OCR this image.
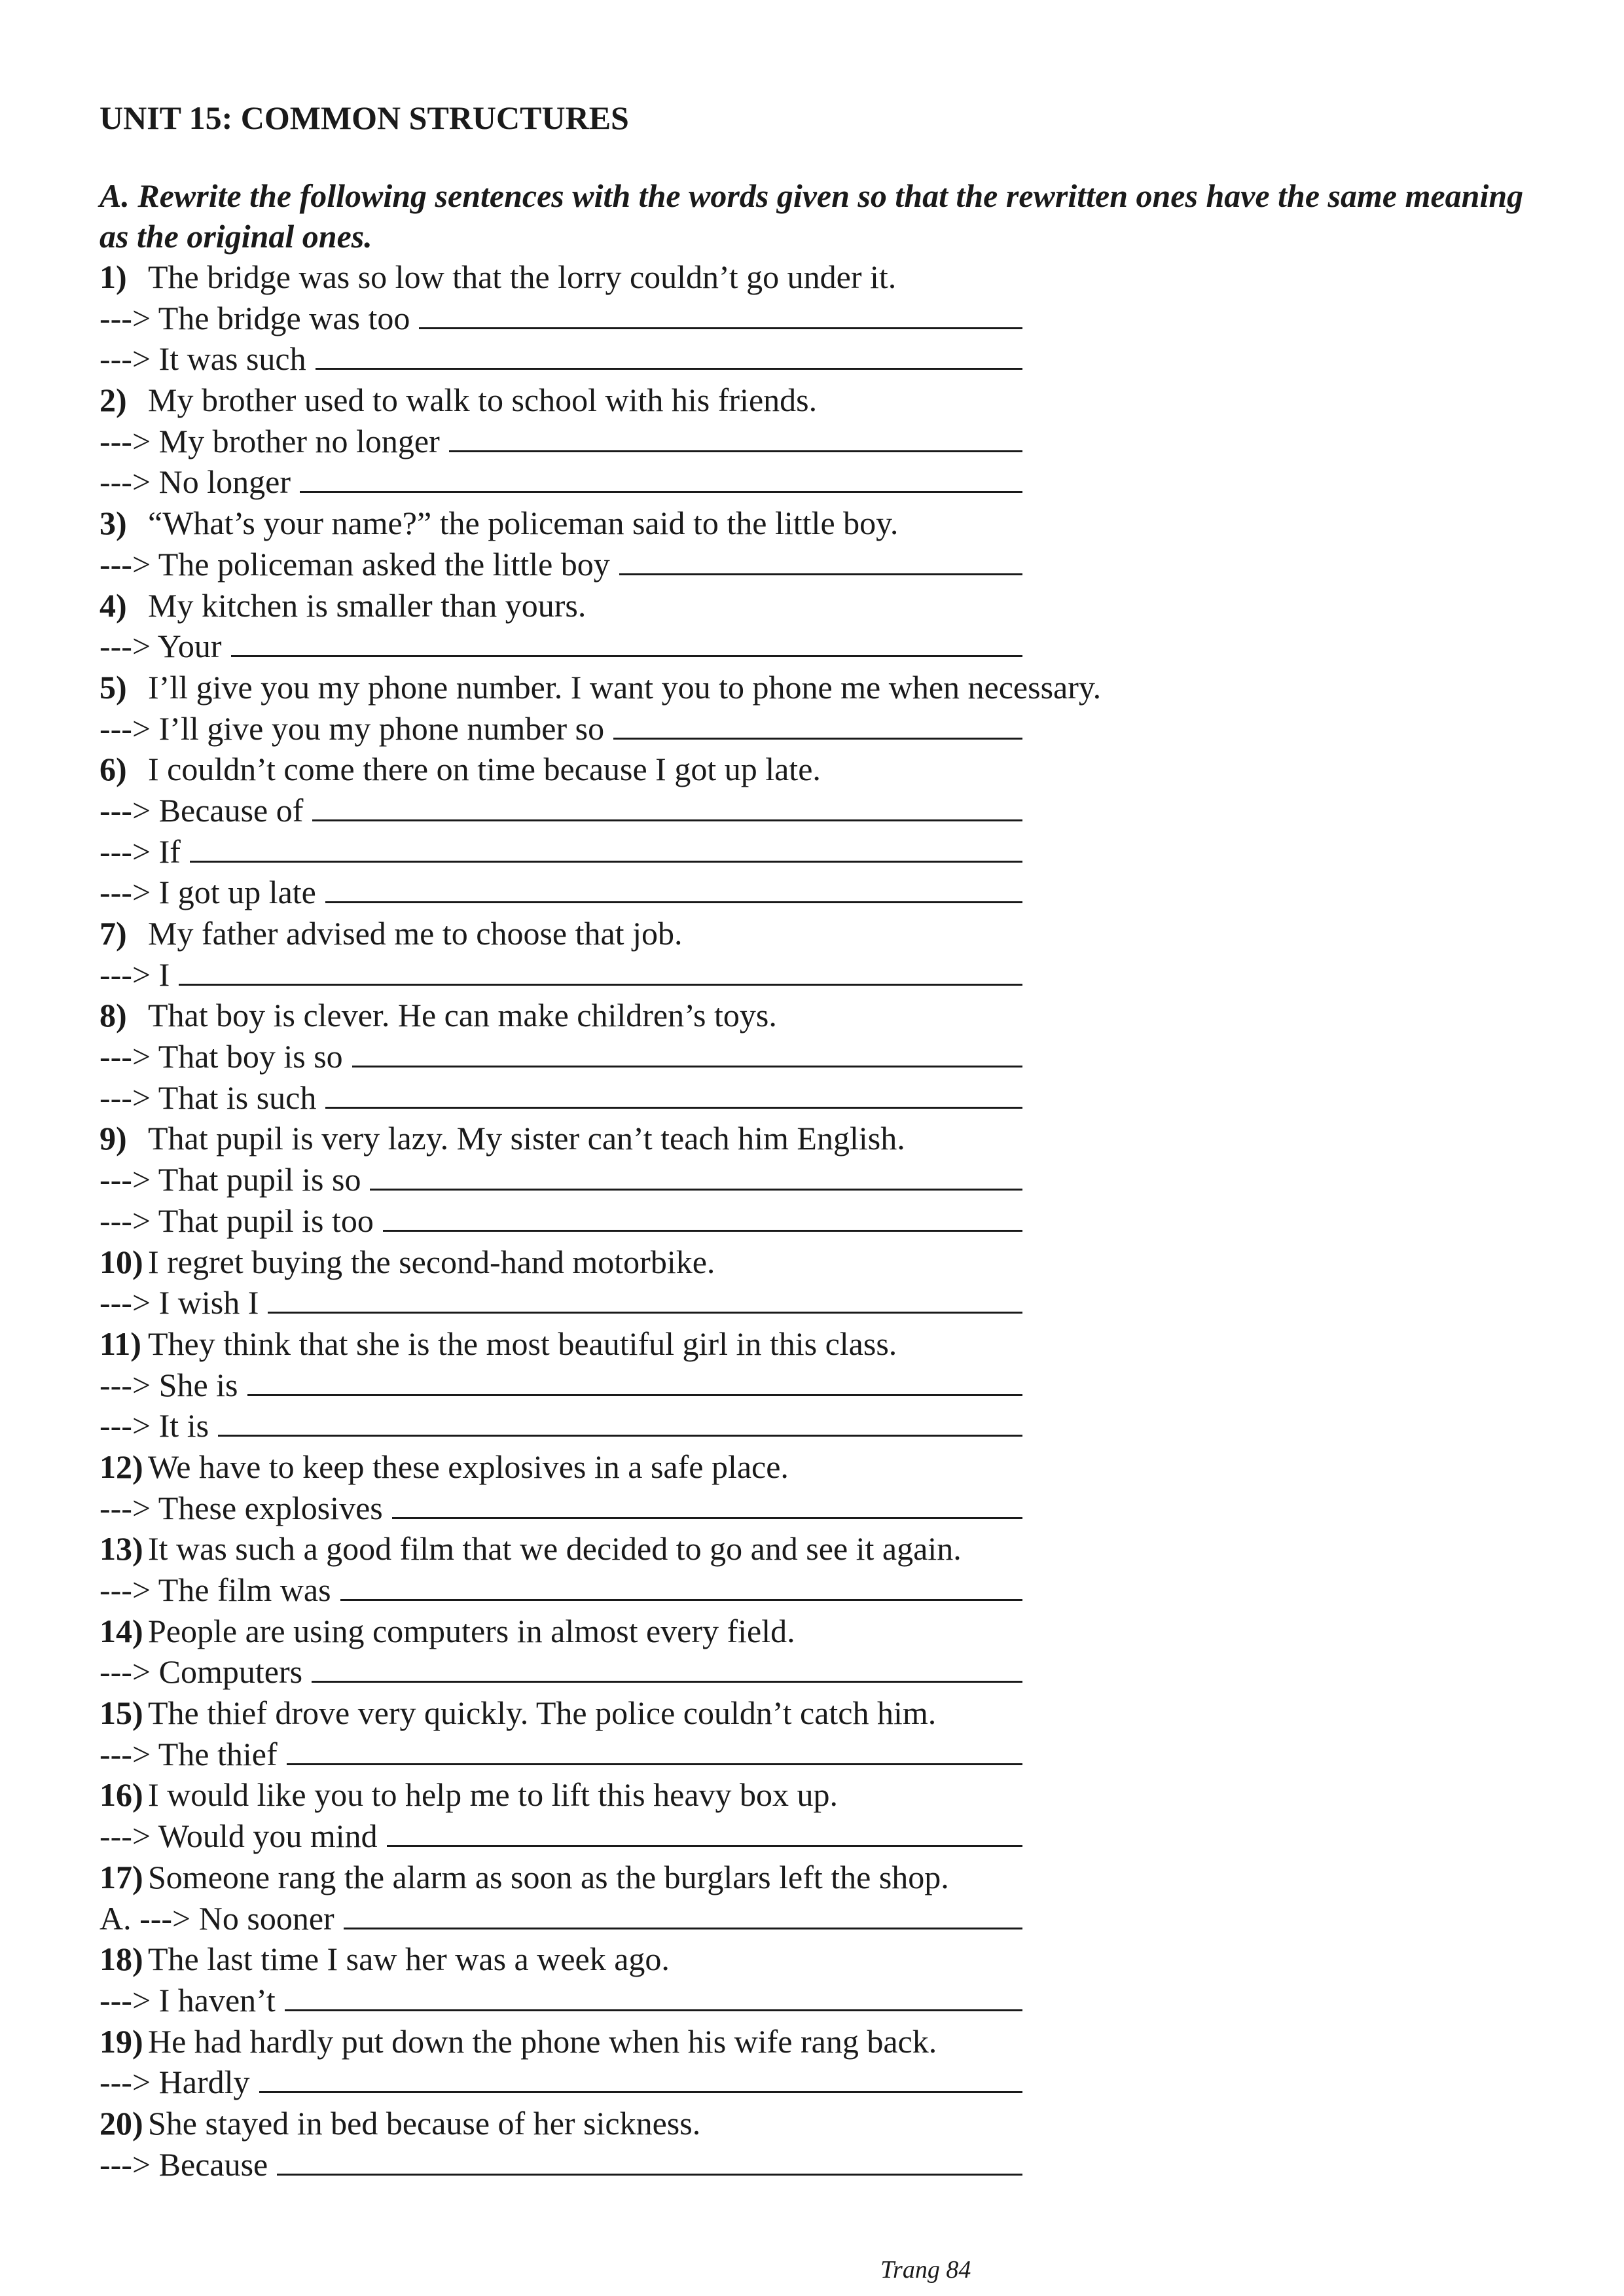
UNIT 15: COMMON STRUCTURES
A. Rewrite the following sentences with the words given so that the rewritten ones have the same meaning as the original ones.
1) The bridge was so low that the lorry couldn’t go under it.
---> The bridge was too
---> It was such
2) My brother used to walk to school with his friends.
---> My brother no longer
---> No longer
3) “What’s your name?” the policeman said to the little boy.
---> The policeman asked the little boy
4) My kitchen is smaller than yours.
---> Your
5) I’ll give you my phone number. I want you to phone me when necessary.
---> I’ll give you my phone number so
6) I couldn’t come there on time because I got up late.
---> Because of
---> If
---> I got up late
7) My father advised me to choose that job.
---> I
8) That boy is clever. He can make children’s toys.
---> That boy is so
---> That is such
9) That pupil is very lazy. My sister can’t teach him English.
---> That pupil is so
---> That pupil is too
10) I regret buying the second-hand motorbike.
---> I wish I
11) They think that she is the most beautiful girl in this class.
---> She is
---> It is
12) We have to keep these explosives in a safe place.
---> These explosives
13) It was such a good film that we decided to go and see it again.
---> The film was
14) People are using computers in almost every field.
---> Computers
15) The thief drove very quickly. The police couldn’t catch him.
---> The thief
16) I would like you to help me to lift this heavy box up.
---> Would you mind
17) Someone rang the alarm as soon as the burglars left the shop.
A. ---> No sooner
18) The last time I saw her was a week ago.
---> I haven’t
19) He had hardly put down the phone when his wife rang back.
---> Hardly
20) She stayed in bed because of her sickness.
---> Because
Trang 84
